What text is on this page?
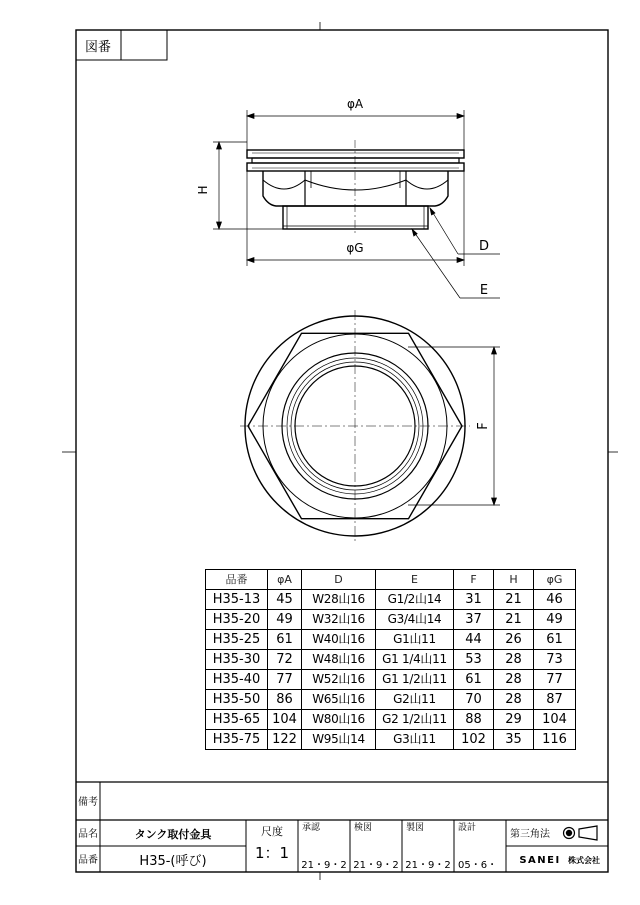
図番
φA
H
φG	D
E
F
備考
品名
品番
タンク取付金具
H35-(呼び)
尺度
1：1
承認
21・9・2
検図
21・9・2
製図
21・9・2
設計
05・6・
第三角法
SANEI 株式会社
品番	φA	D	E	F	H	φG
H35-13	45	W28山16	G1/2山14	31	21	46
H35-20	49	W32山16	G3/4山14	37	21	49
H35-25	61	W40山16	G1山11	44	26	61
H35-30	72	W48山16	G1 1/4山11	53	28	73
H35-40	77	W52山16	G1 1/2山11	61	28	77
H35-50	86	W65山16	G2山11	70	28	87
H35-65	104	W80山16	G2 1/2山11	88	29	104
H35-75	122	W95山14	G3山11	102	35	116
